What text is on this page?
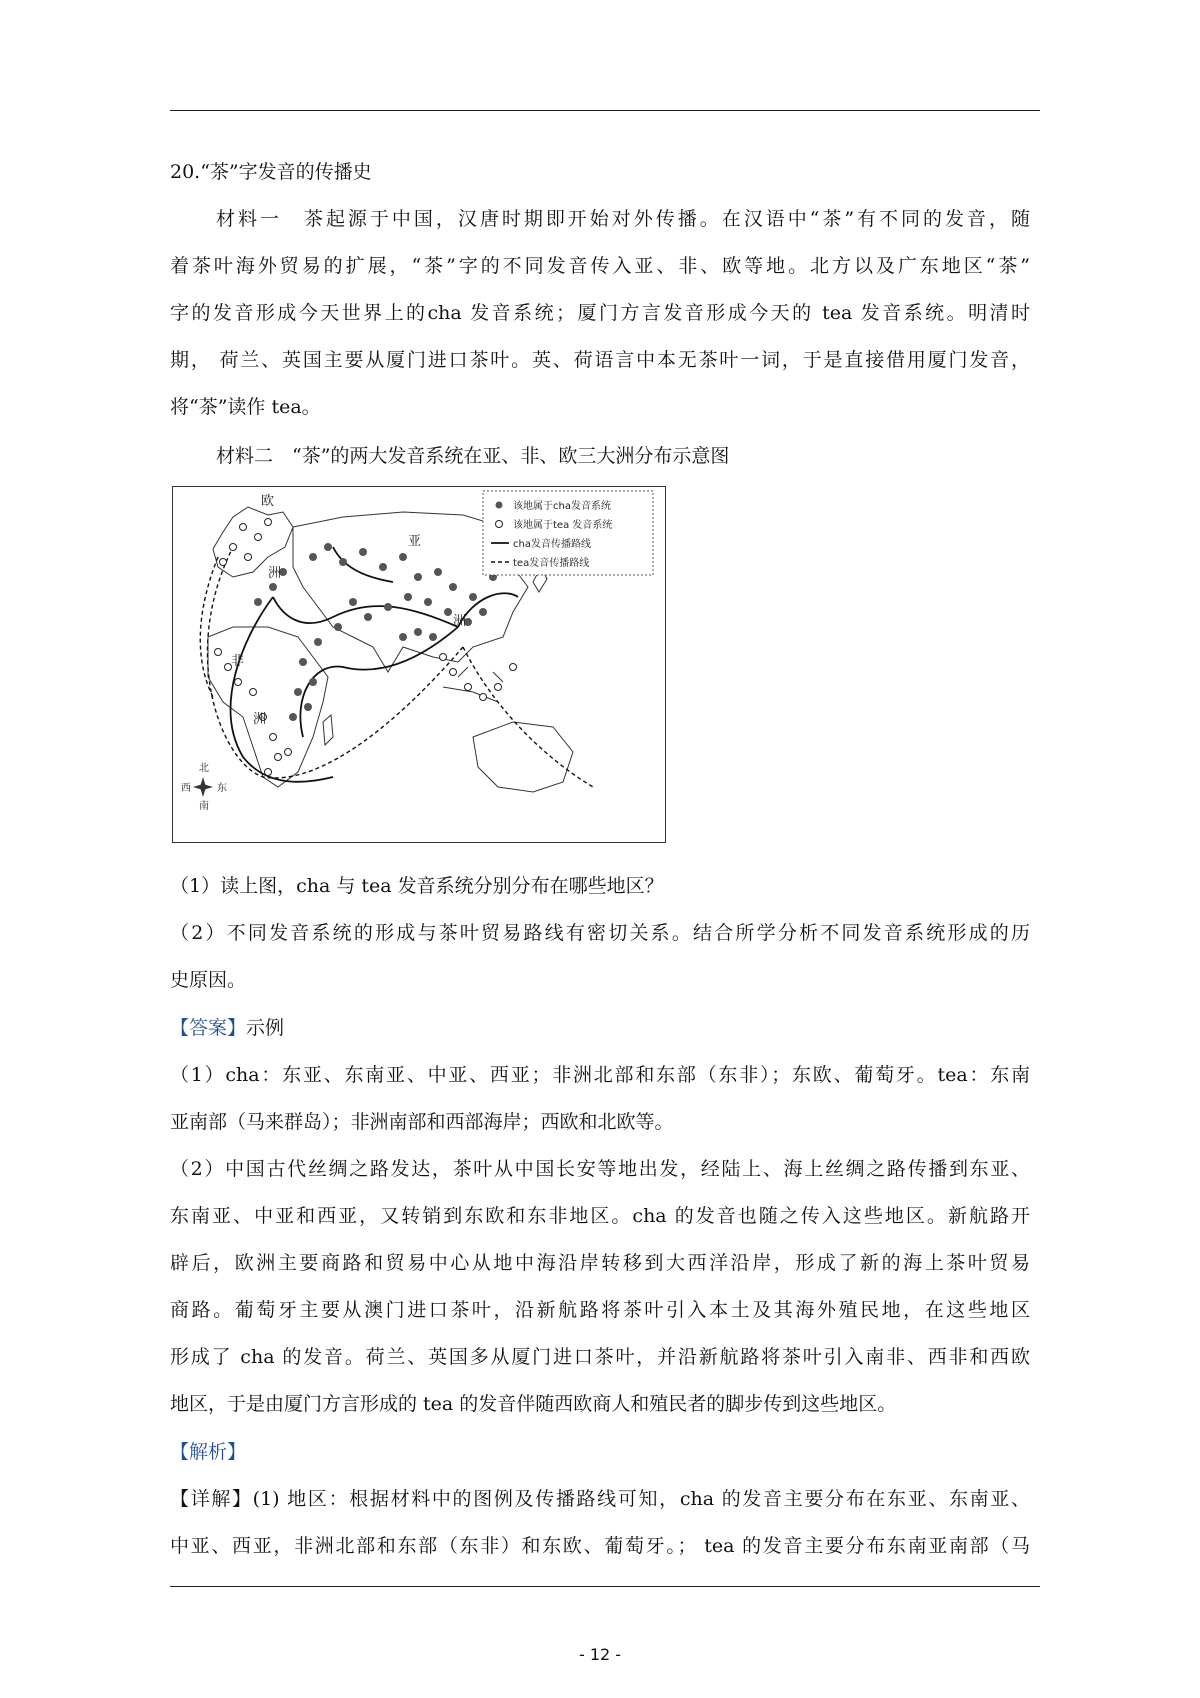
20.“茶”字发音的传播史
材料一　茶起源于中国，汉唐时期即开始对外传播。在汉语中“茶”有不同的发音，随
着茶叶海外贸易的扩展，“茶”字的不同发音传入亚、非、欧等地。北方以及广东地区“茶”
字的发音形成今天世界上的cha 发音系统；厦门方言发音形成今天的 tea 发音系统。明清时
期， 荷兰、英国主要从厦门进口茶叶。英、荷语言中本无茶叶一词，于是直接借用厦门发音，
将“茶”读作 tea。
材料二　“茶”的两大发音系统在亚、非、欧三大洲分布示意图
欧
洲
亚
洲
非
洲
该地属于cha发音系统
该地属于tea 发音系统
cha发音传播路线
tea发音传播路线
北
东
南
西
（1）读上图，cha 与 tea 发音系统分别分布在哪些地区？
（2）不同发音系统的形成与茶叶贸易路线有密切关系。结合所学分析不同发音系统形成的历
史原因。
【答案】示例
（1）cha：东亚、东南亚、中亚、西亚；非洲北部和东部（东非）；东欧、葡萄牙。tea：东南
亚南部（马来群岛）；非洲南部和西部海岸；西欧和北欧等。
（2）中国古代丝绸之路发达，茶叶从中国长安等地出发，经陆上、海上丝绸之路传播到东亚、
东南亚、中亚和西亚，又转销到东欧和东非地区。cha 的发音也随之传入这些地区。新航路开
辟后，欧洲主要商路和贸易中心从地中海沿岸转移到大西洋沿岸，形成了新的海上茶叶贸易
商路。葡萄牙主要从澳门进口茶叶，沿新航路将茶叶引入本土及其海外殖民地，在这些地区
形成了 cha 的发音。荷兰、英国多从厦门进口茶叶，并沿新航路将茶叶引入南非、西非和西欧
地区，于是由厦门方言形成的 tea 的发音伴随西欧商人和殖民者的脚步传到这些地区。
【解析】
【详解】(1) 地区：根据材料中的图例及传播路线可知，cha 的发音主要分布在东亚、东南亚、
中亚、西亚，非洲北部和东部（东非）和东欧、葡萄牙。； tea 的发音主要分布东南亚南部（马
- 12 -
